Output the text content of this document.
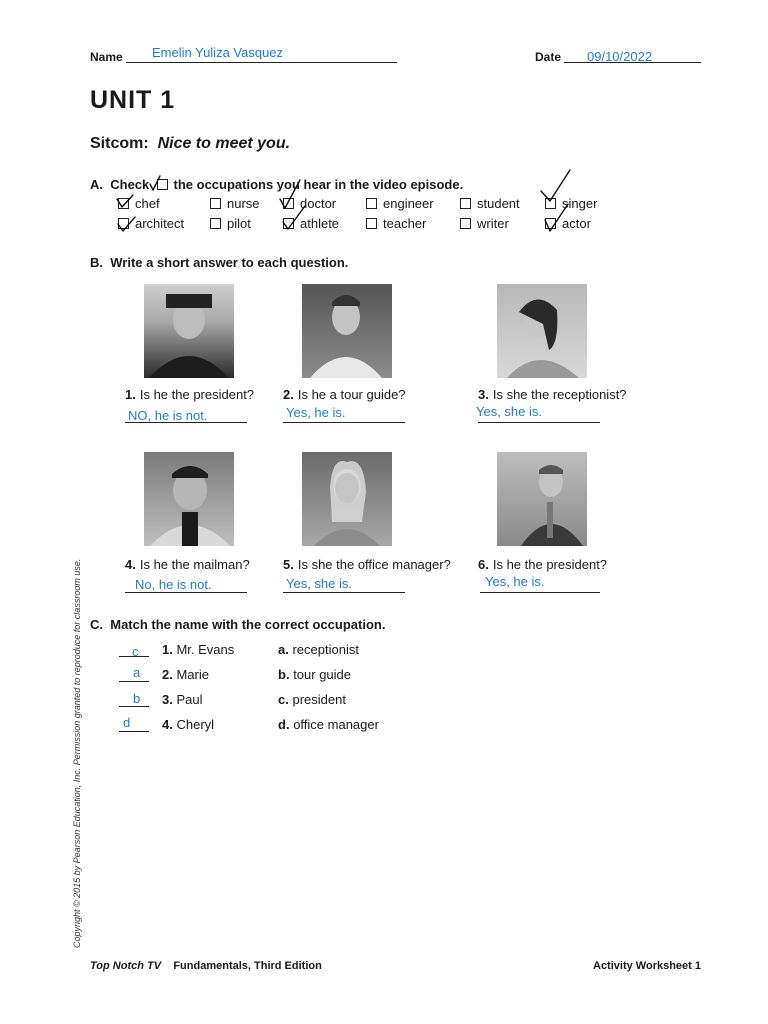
Name Emelin Yuliza Vasquez	Date 09/10/2022
UNIT 1
Sitcom: Nice to meet you.
A. Check the occupations you hear in the video episode.
chef	nurse	doctor	engineer	student	singer
architect	pilot	athlete	teacher	writer	actor
B. Write a short answer to each question.
1. Is he the president?
NO, he is not.
2. Is he a tour guide?
Yes, he is.
3. Is she the receptionist?
Yes, she is.
4. Is he the mailman?
No, he is not.
5. Is she the office manager?
Yes, she is.
6. Is he the president?
Yes, he is.
C. Match the name with the correct occupation.
c 1. Mr. Evans	a. receptionist
a 2. Marie	b. tour guide
b 3. Paul	c. president
d 4. Cheryl	d. office manager
Copyright © 2015 by Pearson Education, Inc. Permission granted to reproduce for classroom use.
Top Notch TV Fundamentals, Third Edition	Activity Worksheet 1
